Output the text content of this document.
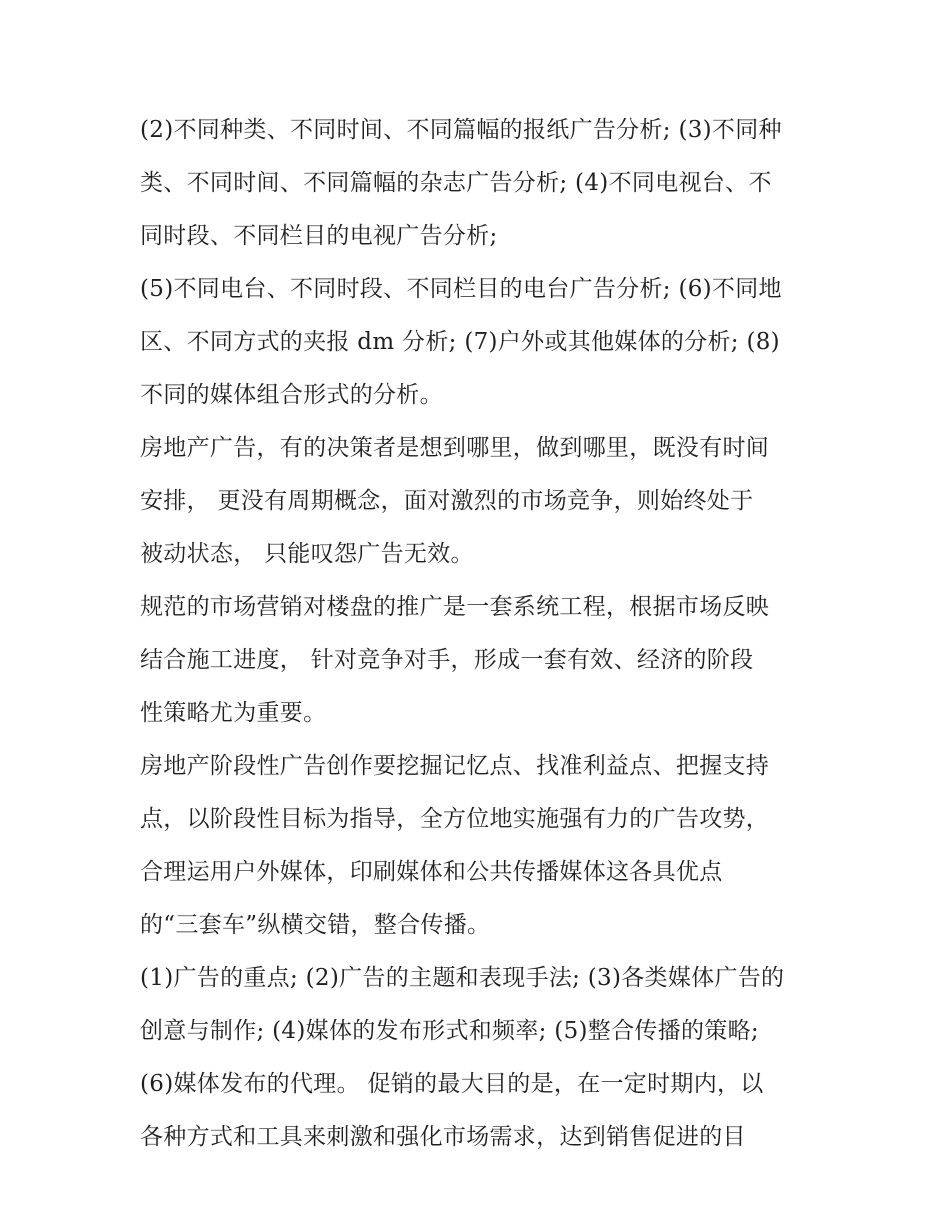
(2)不同种类、不同时间、不同篇幅的报纸广告分析; (3)不同种
类、不同时间、不同篇幅的杂志广告分析; (4)不同电视台、不
同时段、不同栏目的电视广告分析;
(5)不同电台、不同时段、不同栏目的电台广告分析; (6)不同地
区、不同方式的夹报 dm 分析; (7)户外或其他媒体的分析; (8)
不同的媒体组合形式的分析。
房地产广告，有的决策者是想到哪里，做到哪里，既没有时间
安排， 更没有周期概念，面对激烈的市场竞争，则始终处于
被动状态， 只能叹怨广告无效。
规范的市场营销对楼盘的推广是一套系统工程，根据市场反映
结合施工进度， 针对竞争对手，形成一套有效、经济的阶段
性策略尤为重要。
房地产阶段性广告创作要挖掘记忆点、找准利益点、把握支持
点，以阶段性目标为指导，全方位地实施强有力的广告攻势，
合理运用户外媒体，印刷媒体和公共传播媒体这各具优点
的“三套车”纵横交错，整合传播。
(1)广告的重点; (2)广告的主题和表现手法; (3)各类媒体广告的
创意与制作; (4)媒体的发布形式和频率; (5)整合传播的策略;
(6)媒体发布的代理。 促销的最大目的是，在一定时期内，以
各种方式和工具来刺激和强化市场需求，达到销售促进的目
